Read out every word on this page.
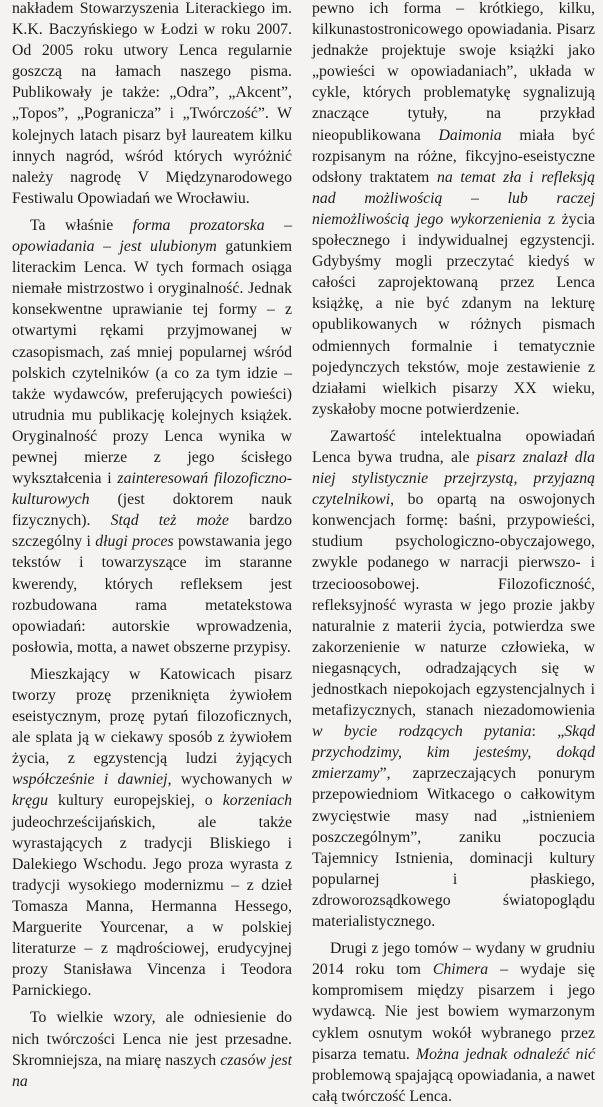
nakładem Stowarzyszenia Literackiego im. K.K. Baczyńskiego w Łodzi w roku 2007. Od 2005 roku utwory Lenca regularnie goszczą na łamach naszego pisma. Publikowały je także: „Odra”, „Akcent”, „Topos”, „Pogranicza” i „Twórczość”. W kolejnych latach pisarz był laureatem kilku innych nagród, wśród których wyróżnić należy nagrodę V Międzynarodowego Festiwalu Opowiadań we Wrocławiu.

Ta właśnie forma prozatorska – opowiadania – jest ulubionym gatunkiem literackim Lenca. W tych formach osiąga niemałe mistrzostwo i oryginalność. Jednak konsekwentne uprawianie tej formy – z otwartymi rękami przyjmowanej w czasopismach, zaś mniej popularnej wśród polskich czytelników (a co za tym idzie – także wydawców, preferujących powieści) utrudnia mu publikację kolejnych książek. Oryginalność prozy Lenca wynika w pewnej mierze z jego ścisłego wykształcenia i zainteresowań filozoficzno-kulturowych (jest doktorem nauk fizycznych). Stąd też może bardzo szczególny i długi proces powstawania jego tekstów i towarzyszące im staranne kwerendy, których refleksem jest rozbudowana rama metatekstowa opowiadań: autorskie wprowadzenia, posłowia, motta, a nawet obszerne przypisy.

Mieszkający w Katowicach pisarz tworzy prozę przeniknięta żywiołem eseistycznym, prozę pytań filozoficznych, ale splata ją w ciekawy sposób z żywiołem życia, z egzystencją ludzi żyjących współcześnie i dawniej, wychowanych w kręgu kultury europejskiej, o korzeniach judeochrześcijańskich, ale także wyrastających z tradycji Bliskiego i Dalekiego Wschodu. Jego proza wyrasta z tradycji wysokiego modernizmu – z dzieł Tomasza Manna, Hermanna Hessego, Marguerite Yourcenar, a w polskiej literaturze – z mądrościowej, erudycyjnej prozy Stanisława Vincenza i Teodora Parnickiego.

To wielkie wzory, ale odniesienie do nich twórczości Lenca nie jest przesadne. Skromniejsza, na miarę naszych czasów jest na

pewno ich forma – krótkiego, kilku, kilkunastostronicowego opowiadania. Pisarz jednakże projektuje swoje książki jako „powieści w opowiadaniach”, układa w cykle, których problematykę sygnalizują znaczące tytuły, na przykład nieopublikowana Daimonia miała być rozpisanym na różne, fikcyjno-eseistyczne odsłony traktatem na temat zła i refleksją nad możliwością – lub raczej niemożliwością jego wykorzenienia z życia społecznego i indywidualnej egzystencji. Gdybyśmy mogli przeczytać kiedyś w całości zaprojektowaną przez Lenca książkę, a nie być zdanym na lekturę opublikowanych w różnych pismach odmiennych formalnie i tematycznie pojedynczych tekstów, moje zestawienie z działami wielkich pisarzy XX wieku, zyskałoby mocne potwierdzenie.

Zawartość intelektualna opowiadań Lenca bywa trudna, ale pisarz znalazł dla niej stylistycznie przejrzystą, przyjazną czytelnikowi, bo opartą na oswojonych konwencjach formę: baśni, przypowieści, studium psychologiczno-obyczajowego, zwykle podanego w narracji pierwszo- i trzecioosobowej. Filozoficzność, refleksyjność wyrasta w jego prozie jakby naturalnie z materii życia, potwierdza swe zakorzenienie w naturze człowieka, w niegasnących, odradzających się w jednostkach niepokojach egzystencjalnych i metafizycznych, stanach niezadomowienia w bycie rodzących pytania: „Skąd przychodzimy, kim jesteśmy, dokąd zmierzamy”, zaprzeczających ponurym przepowiedniom Witkacego o całkowitym zwycięstwie masy nad „istnieniem poszczególnym”, zaniku poczucia Tajemnicy Istnienia, dominacji kultury popularnej i płaskiego, zdroworozsądkowego światopoglądu materialistycznego.

Drugi z jego tomów – wydany w grudniu 2014 roku tom Chimera – wydaje się kompromisem między pisarzem i jego wydawcą. Nie jest bowiem wymarzonym cyklem osnutym wokół wybranego przez pisarza tematu. Można jednak odnaleźć nić problemową spajającą opowiadania, a nawet całą twórczość Lenca.
